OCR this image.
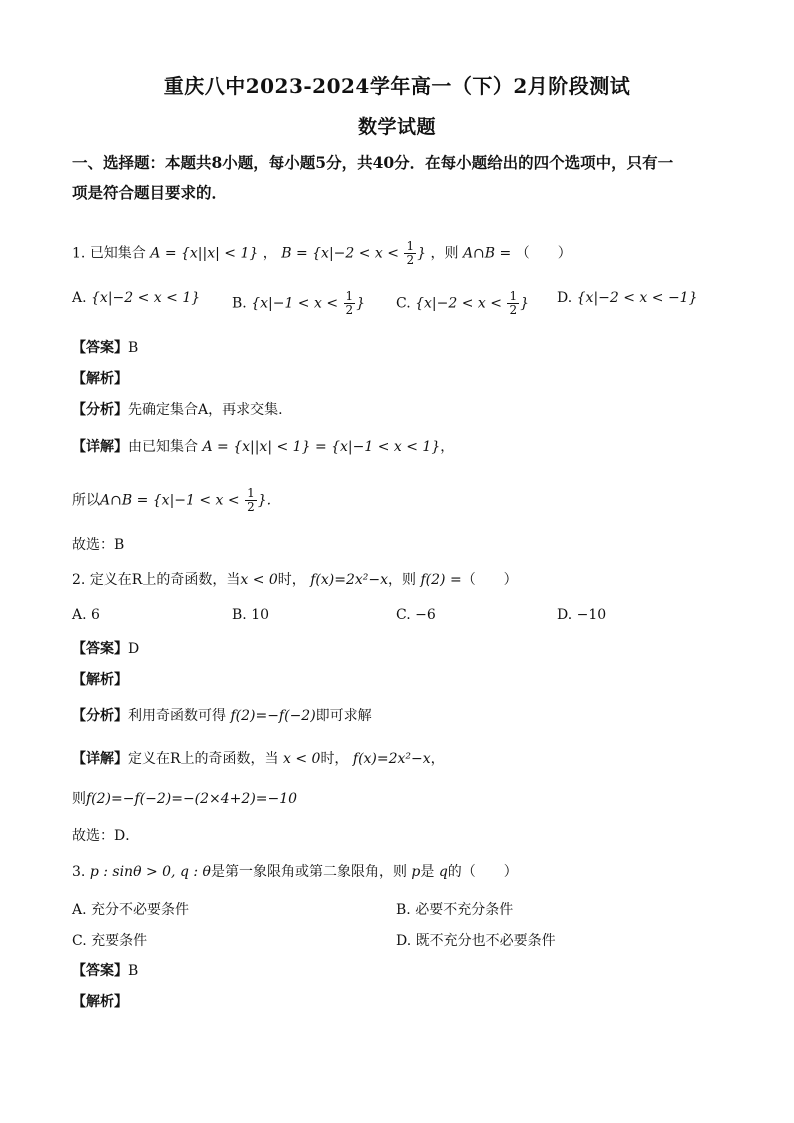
重庆八中2023-2024学年高一（下）2月阶段测试
数学试题
一、选择题：本题共8小题，每小题5分，共40分．在每小题给出的四个选项中，只有一
项是符合题目要求的．
1. 已知集合 A = {x||x| < 1} ， $B = \{x|-2 < x < \frac{1}{2}$ } ，则 A∩B = （　　）
A. {x|−2 < x < 1} B. {$x|-1 < x < \frac{1}{2}$ } C. {$x|-2 < x < \frac{1}{2}$ } D. {x|−2 < x < −1}
【答案】B
【解析】
【分析】先确定集合A，再求交集.
【详解】由已知集合 A = {x||x| < 1} = {x|−1 < x < 1}，
所以A∩B = {$x|-1 < x < \frac{1}{2}$ }.
故选：B
2. 定义在R上的奇函数，当x < 0时， f(x)=2x²−x，则 f(2) =（　　）
A. 6	B. 10	C. −6	D. −10
【答案】D
【解析】
【分析】利用奇函数可得 f(2)=−f(−2)即可求解
【详解】定义在R上的奇函数，当 x < 0时， f(x)=2x²−x，
则f(2)=−f(−2)=−(2×4+2)=−10
故选：D．
3. p : sinθ > 0, q : θ是第一象限角或第二象限角，则 p是 q的（　　）
A. 充分不必要条件	B. 必要不充分条件
C. 充要条件	D. 既不充分也不必要条件
【答案】B
【解析】
